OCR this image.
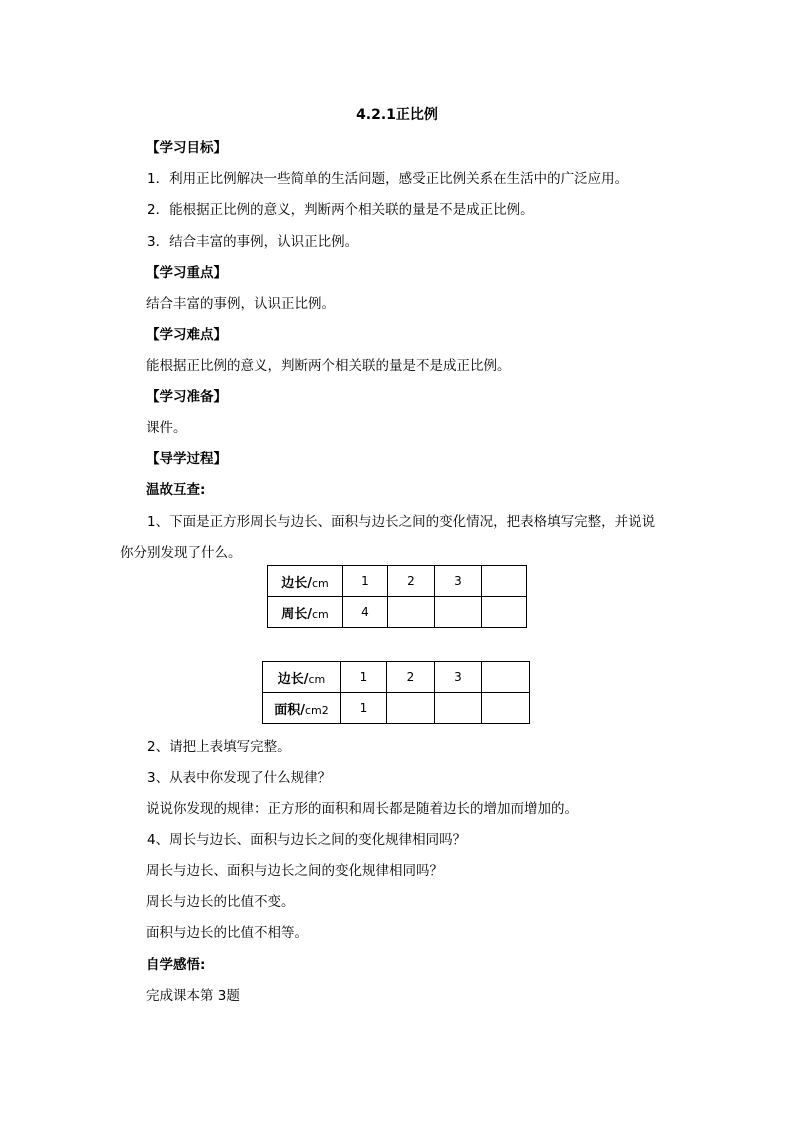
4.2.1正比例
【学习目标】
1．利用正比例解决一些简单的生活问题，感受正比例关系在生活中的广泛应用。
2．能根据正比例的意义，判断两个相关联的量是不是成正比例。
3．结合丰富的事例，认识正比例。
【学习重点】
结合丰富的事例，认识正比例。
【学习难点】
能根据正比例的意义，判断两个相关联的量是不是成正比例。
【学习准备】
课件。
【导学过程】
温故互查:
1、下面是正方形周长与边长、面积与边长之间的变化情况，把表格填写完整，并说说
你分别发现了什么。
边长/cm	1	2	3	
周长/cm	4			
边长/cm	1	2	3	
面积/cm2	1			
2、请把上表填写完整。
3、从表中你发现了什么规律？
说说你发现的规律：正方形的面积和周长都是随着边长的增加而增加的。
4、周长与边长、面积与边长之间的变化规律相同吗？
周长与边长、面积与边长之间的变化规律相同吗？
周长与边长的比值不变。
面积与边长的比值不相等。
自学感悟:
完成课本第 3题
